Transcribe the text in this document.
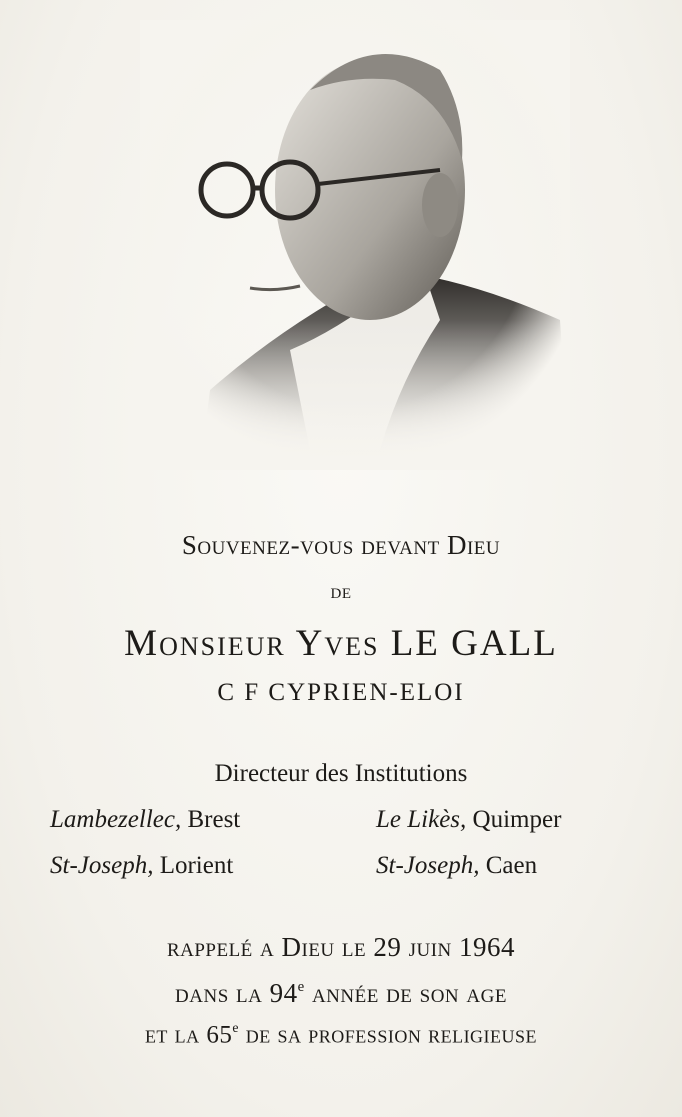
Souvenez-vous devant Dieu
de
Monsieur Yves LE GALL
C F CYPRIEN-ELOI
Directeur des Institutions
Lambezellec, Brest	Le Likès, Quimper
St-Joseph, Lorient	St-Joseph, Caen
rappelé a Dieu le 29 juin 1964
dans la 94e année de son age
et la 65e de sa profession religieuse
